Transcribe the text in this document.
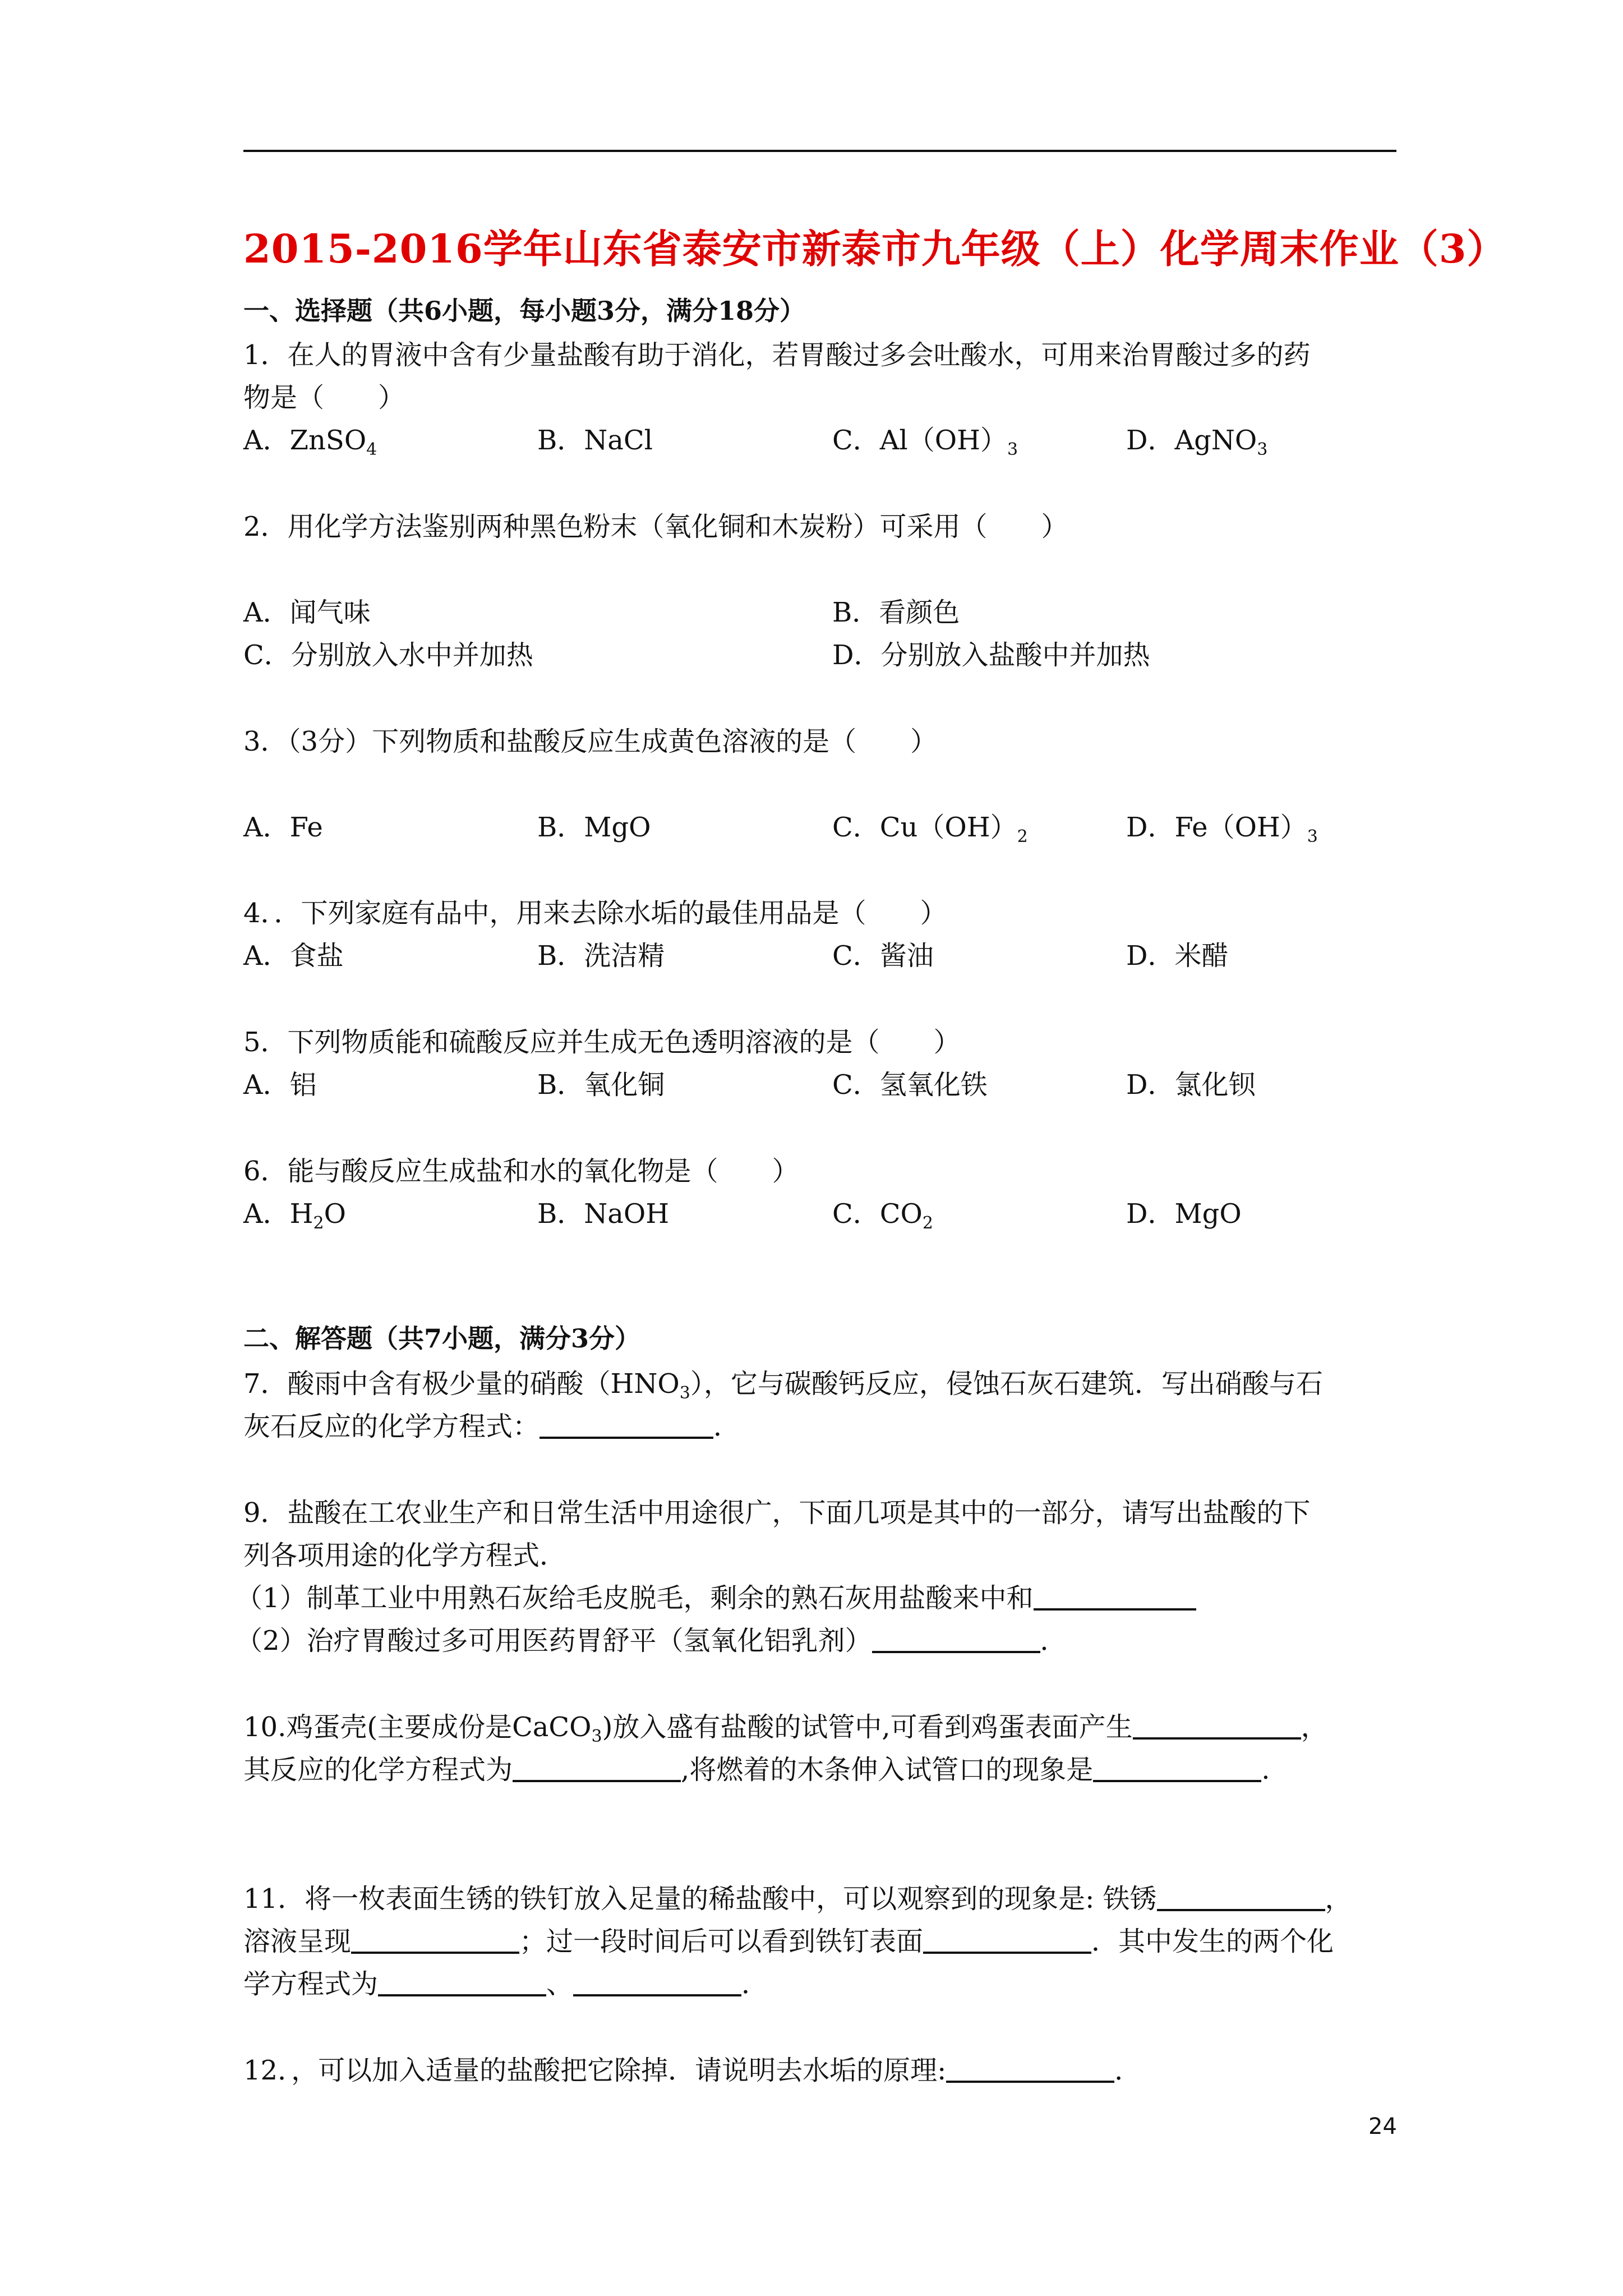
2015-2016学年山东省泰安市新泰市九年级（上）化学周末作业（3）
一、选择题（共6小题，每小题3分，满分18分）
1．在人的胃液中含有少量盐酸有助于消化，若胃酸过多会吐酸水，可用来治胃酸过多的药
物是（　　）
A．ZnSO$_4$	B．NaCl	C．$Al(OH)_3$	D．AgNO$_3$
2．用化学方法鉴别两种黑色粉末（氧化铜和木炭粉）可采用（　　）
A．闻气味	B．看颜色
C．分别放入水中并加热	D．分别放入盐酸中并加热
3．（3分）下列物质和盐酸反应生成黄色溶液的是（　　）
A．Fe	B．MgO	C．$Cu(OH)_2$	D．$Fe(OH)_3$
4．．下列家庭有品中，用来去除水垢的最佳用品是（　　）
A．食盐	B．洗洁精	C．酱油	D．米醋
5．下列物质能和硫酸反应并生成无色透明溶液的是（　　）
A．铝	B．氧化铜	C．氢氧化铁	D．氯化钡
6．能与酸反应生成盐和水的氧化物是（　　）
A．$H_2O$	B．NaOH	C．$CO_2$	D．MgO
二、解答题（共7小题，满分3分）
7．酸雨中含有极少量的硝酸$(HNO_3)$，它与碳酸钙反应，侵蚀石灰石建筑．写出硝酸与石
灰石反应的化学方程式：	．
9．盐酸在工农业生产和日常生活中用途很广，下面几项是其中的一部分，请写出盐酸的下
列各项用途的化学方程式．
（1）制革工业中用熟石灰给毛皮脱毛，剩余的熟石灰用盐酸来中和
（2）治疗胃酸过多可用医药胃舒平（氢氧化铝乳剂）	．
10.鸡蛋壳(主要成份是CaCO$_3$)放入盛有盐酸的试管中,可看到鸡蛋表面产生	，
其反应的化学方程式为	,将燃着的木条伸入试管口的现象是	.
11．将一枚表面生锈的铁钉放入足量的稀盐酸中，可以观察到的现象是: 铁锈	，
溶液呈现	；过一段时间后可以看到铁钉表面	．其中发生的两个化
学方程式为	、	．
12．，可以加入适量的盐酸把它除掉．请说明去水垢的原理:	．
24
